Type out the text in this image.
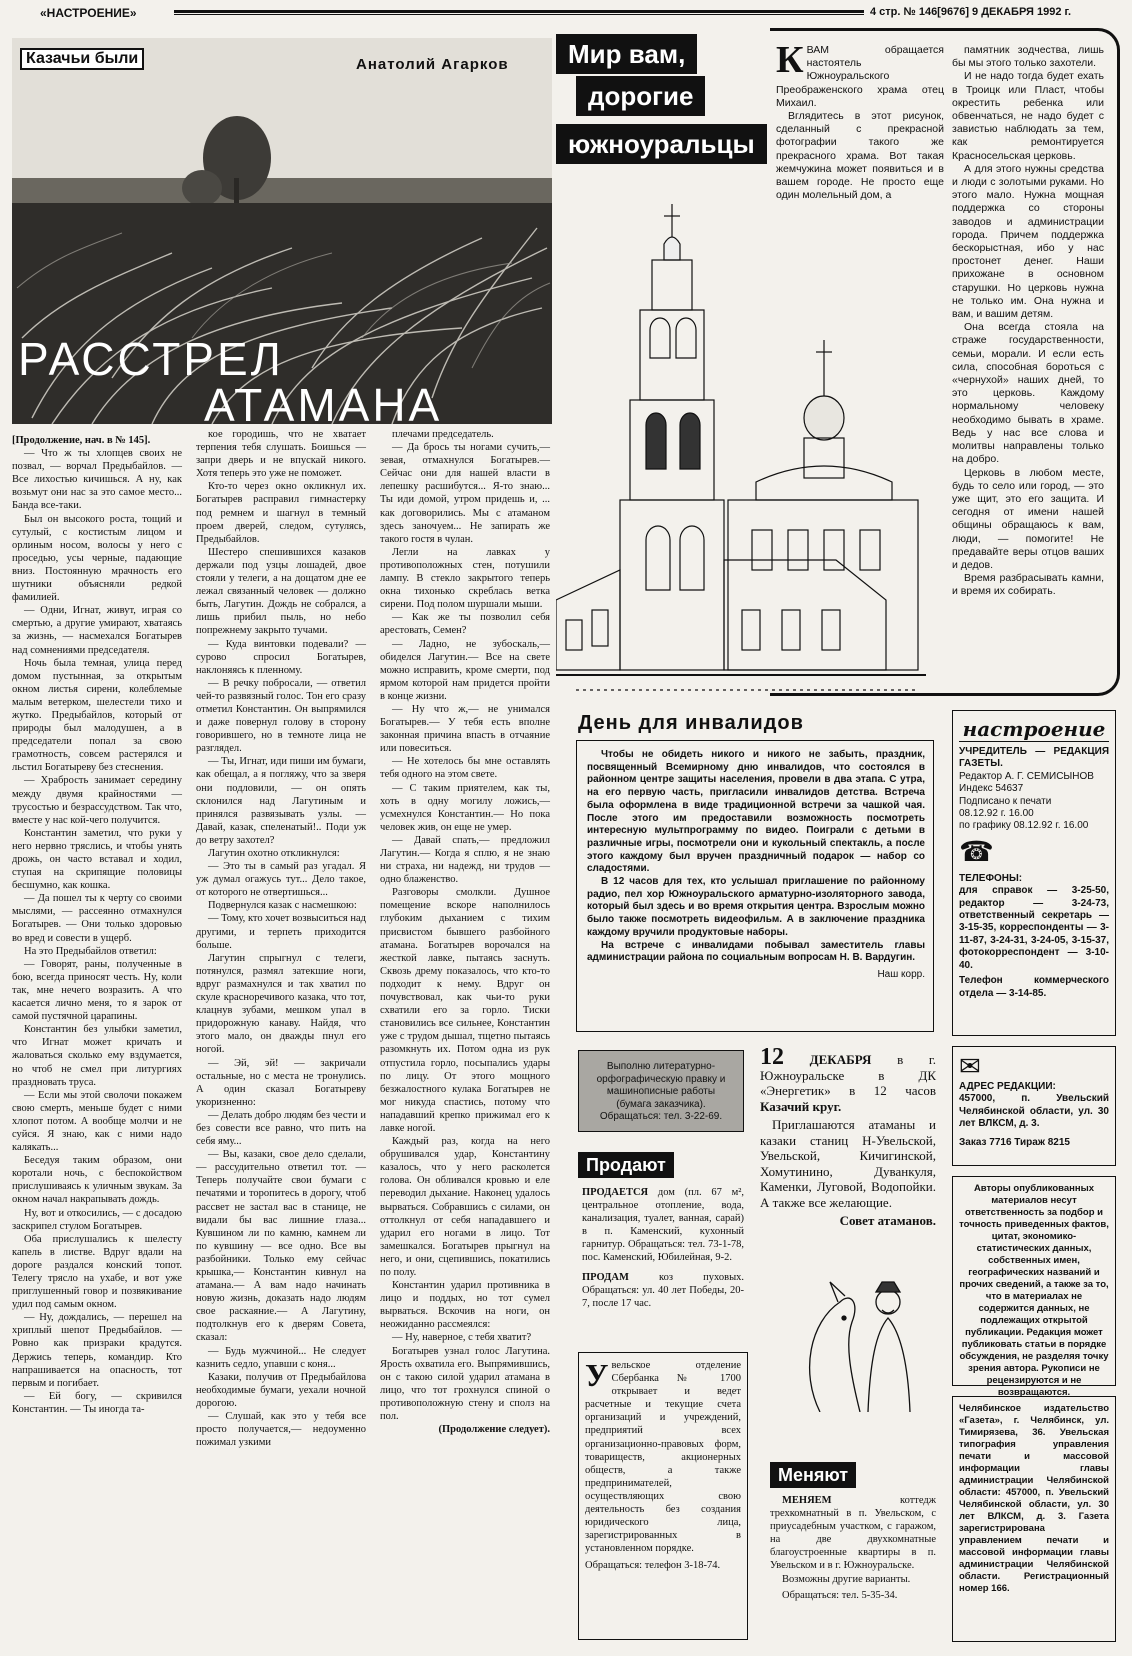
«НАСТРОЕНИЕ»	4 стр. № 146[9676] 9 ДЕКАБРЯ 1992 г.
Казачьи были	Анатолий Агарков
РАССТРЕЛ
АТАМАНА

[Продолжение, нач. в № 145].

— Что ж ты хлопцев своих не позвал, — ворчал Предыбайлов. — Все лихостью кичишься. А ну, как возьмут они нас за это самое место... Банда все-таки.

Был он высокого роста, тощий и сутулый, с костистым лицом и орлиным носом, волосы у него с проседью, усы черные, падающие вниз. Постоянную мрачность его шутники объясняли редкой фамилией.

— Одни, Игнат, живут, играя со смертью, а другие умирают, хватаясь за жизнь, — насмехался Богатырев над сомнениями председателя.

Ночь была темная, улица перед домом пустынная, за открытым окном листья сирени, колеблемые малым ветерком, шелестели тихо и жутко. Предыбайлов, который от природы был малодушен, а в председатели попал за свою грамотность, совсем растерялся и льстил Богатыреву без стеснения.

— Храбрость занимает середину между двумя крайностями — трусостью и безрассудством. Так что, вместе у нас кой-чего получится.

Константин заметил, что руки у него нервно тряслись, и чтобы унять дрожь, он часто вставал и ходил, ступая на скрипящие половицы бесшумно, как кошка.

— Да пошел ты к черту со своими мыслями, — рассеянно отмахнулся Богатырев. — Они только здоровью во вред и совести в ущерб.

На это Предыбайлов ответил:

— Говорят, раны, полученные в бою, всегда приносят честь. Ну, коли так, мне нечего возразить. А что касается лично меня, то я зарок от самой пустячной царапины.

Константин без улыбки заметил, что Игнат может кричать и жаловаться сколько ему вздумается, но чтоб не смел при литургиях праздновать труса.

— Если мы этой сволочи покажем свою смерть, меньше будет с ними хлопот потом. А вообще молчи и не суйся. Я знаю, как с ними надо калякать...

Беседуя таким образом, они коротали ночь, с беспокойством прислушиваясь к уличным звукам. За окном начал накрапывать дождь.

Ну, вот и откосились, — с досадою заскрипел стулом Богатырев.

Оба прислушались к шелесту капель в листве. Вдруг вдали на дороге раздался конский топот. Телегу трясло на ухабе, и вот уже приглушенный говор и позвякивание удил под самым окном.

— Ну, дождались, — перешел на хриплый шепот Предыбайлов. — Ровно как призраки крадутся. Держись теперь, командир. Кто напрашивается на опасность, тот первым и погибает.

— Ей богу, — скривился Константин. — Ты иногда та-

кое городишь, что не хватает терпения тебя слушать. Боишься — запри дверь и не впускай никого. Хотя теперь это уже не поможет.

Кто-то через окно окликнул их. Богатырев расправил гимнастерку под ремнем и шагнул в темный проем дверей, следом, сутулясь, Предыбайлов.

Шестеро спешившихся казаков держали под узцы лошадей, двое стояли у телеги, а на дощатом дне ее лежал связанный человек — должно быть, Лагутин. Дождь не собрался, а лишь прибил пыль, но небо попрежнему закрыто тучами.

— Куда винтовки подевали? — сурово спросил Богатырев, наклоняясь к пленному.

— В речку побросали, — ответил чей-то развязный голос. Тон его сразу отметил Константин. Он выпрямился и даже повернул голову в сторону говорившего, но в темноте лица не разглядел.

— Ты, Игнат, иди пиши им бумаги, как обещал, а я погляжу, что за зверя они подловили, — он опять склонился над Лагутиным и принялся развязывать узлы. — Давай, казак, спеленатый!.. Поди уж до ветру захотел?

Лагутин охотно откликнулся:

— Это ты в самый раз угадал. Я уж думал огажусь тут... Дело такое, от которого не отвертишься...

Подвернулся казак с насмешкою:

— Тому, кто хочет возвыситься над другими, и терпеть приходится больше.

Лагутин спрыгнул с телеги, потянулся, размял затекшие ноги, вдруг размахнулся и так хватил по скуле красноречивого казака, что тот, клацнув зубами, мешком упал в придорожную канаву. Найдя, что этого мало, он дважды пнул его ногой.

— Эй, эй! — закричали остальные, но с места не тронулись. А один сказал Богатыреву укоризненно:

— Делать добро людям без чести и без совести все равно, что пить на себя яму...

— Вы, казаки, свое дело сделали, — рассудительно ответил тот. — Теперь получайте свои бумаги с печатями и торопитесь в дорогу, чтоб рассвет не застал вас в станице, не видали бы вас лишние глаза... Кувшином ли по камню, камнем ли по кувшину — все одно. Все вы разбойники. Только ему сейчас крышка,— Константин кивнул на атамана.— А вам надо начинать новую жизнь, доказать надо людям свое раскаяние.— А Лагутину, подтолкнув его к дверям Совета, сказал:

— Будь мужчиной... Не следует казнить седло, упавши с коня...

Казаки, получив от Предыбайлова необходимые бумаги, уехали ночной дорогою.

— Слушай, как это у тебя все просто получается,— недоуменно пожимал узкими

плечами председатель.

— Да брось ты ногами сучить,— зевая, отмахнулся Богатырев.— Сейчас они для нашей власти в лепешку расшибутся... Я-то знаю... Ты иди домой, утром придешь и, ... как договорились. Мы с атаманом здесь заночуем... Не запирать же такого гостя в чулан.

Легли на лавках у противоположных стен, потушили лампу. В стекло закрытого теперь окна тихонько скреблась ветка сирени. Под полом шуршали мыши.

— Как же ты позволил себя арестовать, Семен?

— Ладно, не зубоскаль,— обиделся Лагутин.— Все на свете можно исправить, кроме смерти, под ярмом которой нам придется пройти в конце жизни.

— Ну что ж,— не унимался Богатырев.— У тебя есть вполне законная причина впасть в отчаяние или повеситься.

— Не хотелось бы мне оставлять тебя одного на этом свете.

— С таким приятелем, как ты, хоть в одну могилу ложись,— усмехнулся Константин.— Но пока человек жив, он еще не умер.

— Давай спать,— предложил Лагутин.— Когда я сплю, я не знаю ни страха, ни надежд, ни трудов — одно блаженство.

Разговоры смолкли. Душное помещение вскоре наполнилось глубоким дыханием с тихим присвистом бывшего разбойного атамана. Богатырев ворочался на жесткой лавке, пытаясь заснуть. Сквозь дрему показалось, что кто-то подходит к нему. Вдруг он почувствовал, как чьи-то руки схватили его за горло. Тиски становились все сильнее, Константин уже с трудом дышал, тщетно пытаясь разомкнуть их. Потом одна из рук отпустила горло, посыпались удары по лицу. От этого мощного безжалостного кулака Богатырев не мог никуда спастись, потому что нападавший крепко прижимал его к лавке ногой.

Каждый раз, когда на него обрушивался удар, Константину казалось, что у него расколется голова. Он обливался кровью и еле переводил дыхание. Наконец удалось вырваться. Собравшись с силами, он оттолкнул от себя нападавшего и ударил его ногами в лицо. Тот замешкался. Богатырев прыгнул на него, и они, сцепившись, покатились по полу.

Константин ударил противника в лицо и поддых, но тот сумел вырваться. Вскочив на ноги, он неожиданно рассмеялся:

— Ну, наверное, с тебя хватит?

Богатырев узнал голос Лагутина. Ярость охватила его. Выпрямившись, он с такою силой ударил атамана в лицо, что тот грохнулся спиной о противоположную стену и сполз на пол.

(Продолжение следует).

Мир вам,
дорогие
южноуральцы
К ВАМ обращается настоятель Южноуральского Преображенского храма отец Михаил.

Вглядитесь в этот рисунок, сделанный с прекрасной фотографии такого же прекрасного храма. Вот такая жемчужина может появиться и в вашем городе. Не просто еще один молельный дом, а

памятник зодчества, лишь бы мы этого только захотели.

И не надо тогда будет ехать в Троицк или Пласт, чтобы окрестить ребенка или обвенчаться, не надо будет с завистью наблюдать за тем, как ремонтируется Красносельская церковь.

А для этого нужны средства и люди с золотыми руками. Но этого мало. Нужна мощная поддержка со стороны заводов и администрации города. Причем поддержка бескорыстная, ибо у нас простонет денег. Наши прихожане в основном старушки. Но церковь нужна не только им. Она нужна и вам, и вашим детям.

Она всегда стояла на страже государственности, семьи, морали. И если есть сила, способная бороться с «чернухой» наших дней, то это церковь. Каждому нормальному человеку необходимо бывать в храме. Ведь у нас все слова и молитвы направлены только на добро.

Церковь в любом месте, будь то село или город, — это уже щит, это его защита. И сегодня от имени нашей общины обращаюсь к вам, люди, — помогите! Не предавайте веры отцов ваших и дедов.

Время разбрасывать камни, и время их собирать.

День для инвалидов

Чтобы не обидеть никого и никого не забыть, праздник, посвященный Всемирному дню инвалидов, что состоялся в районном центре защиты населения, провели в два этапа. С утра, на его первую часть, пригласили инвалидов детства. Встреча была оформлена в виде традиционной встречи за чашкой чая. После этого им предоставили возможность посмотреть интересную мультпрограмму по видео. Поиграли с детьми в различные игры, посмотрели они и кукольный спектакль, а после этого каждому был вручен праздничный подарок — набор со сладостями.

В 12 часов для тех, кто услышал приглашение по районному радио, пел хор Южноуральского арматурно-изоляторного завода, который был здесь и во время открытия центра. Взрослым можно было также посмотреть видеофильм. А в заключение праздника каждому вручили продуктовые наборы.

На встрече с инвалидами побывал заместитель главы администрации района по социальным вопросам Н. В. Вардугин.

Наш корр.

Выполню литературно-орфографическую правку и машинописные работы (бумага заказчика). Обращаться: тел. 3-22-69.

Продают

ПРОДАЕТСЯ дом (пл. 67 м², центральное отопление, вода, канализация, туалет, ванная, сарай) в п. Каменский, кухонный гарнитур. Обращаться: тел. 73-1-78, пос. Каменский, Юбилейная, 9-2.

ПРОДАМ	коз пуховых. Обращаться: ул. 40 лет Победы, 20-7, после 17 час.

У вельское отделение Сбербанка № 1700 открывает и ведет расчетные и текущие счета организаций и учреждений, предприятий всех организационно-правовых форм, товариществ, акционерных обществ, а также предпринимателей, осуществляющих свою деятельность без создания юридического лица, зарегистрированных в установленном порядке.

Обращаться: телефон 3-18-74.

12 ДЕКАБРЯ в г. Южноуральске в ДК «Энергетик» в 12 часов Казачий круг.

Приглашаются атаманы и казаки станиц Н-Увельской, Увельской, Кичигинской, Хомутинино, Дуванкуля, Каменки, Луговой, Водопойки. А также все желающие.

Совет атаманов.

Меняют

МЕНЯЕМ	коттедж трехкомнатный в п. Увельском, с приусадебным участком, с гаражом, на две двухкомнатные благоустроенные квартиры в п. Увельском и в г. Южноуральске.

Возможны другие варианты.

Обращаться: тел. 5-35-34.

настроение

УЧРЕДИТЕЛЬ — РЕДАКЦИЯ ГАЗЕТЫ.

Редактор А. Г. СЕМИСЫНОВ

Индекс 54637

Подписано к печати

08.12.92 г. 16.00

по графику 08.12.92 г. 16.00

☎

ТЕЛЕФОНЫ:

для справок — 3-25-50, редактор — 3-24-73, ответственный секретарь — 3-15-35, корреспонденты — 3-11-87, 3-24-31, 3-24-05, 3-15-37, фотокорреспондент — 3-10-40.

Телефон коммерческого отдела — 3-14-85.

✉

АДРЕС РЕДАКЦИИ:

457000, п. Увельский Челябинской области, ул. 30 лет ВЛКСМ, д. 3.

Заказ 7716 Тираж 8215

Авторы опубликованных материалов несут ответственность за подбор и точность приведенных фактов, цитат, экономико-статистических данных, собственных имен, географических названий и прочих сведений, а также за то, что в материалах не содержится данных, не подлежащих открытой публикации. Редакция может публиковать статьи в порядке обсуждения, не разделяя точку зрения автора. Рукописи не рецензируются и не возвращаются.

Челябинское издательство «Газета», г. Челябинск, ул. Тимирязева, 36. Увельская типография управления печати и массовой информации главы администрации Челябинской области: 457000, п. Увельский Челябинской области, ул. 30 лет ВЛКСМ, д. 3. Газета зарегистрирована управлением печати и массовой информации главы администрации Челябинской области. Регистрационный номер 166.
